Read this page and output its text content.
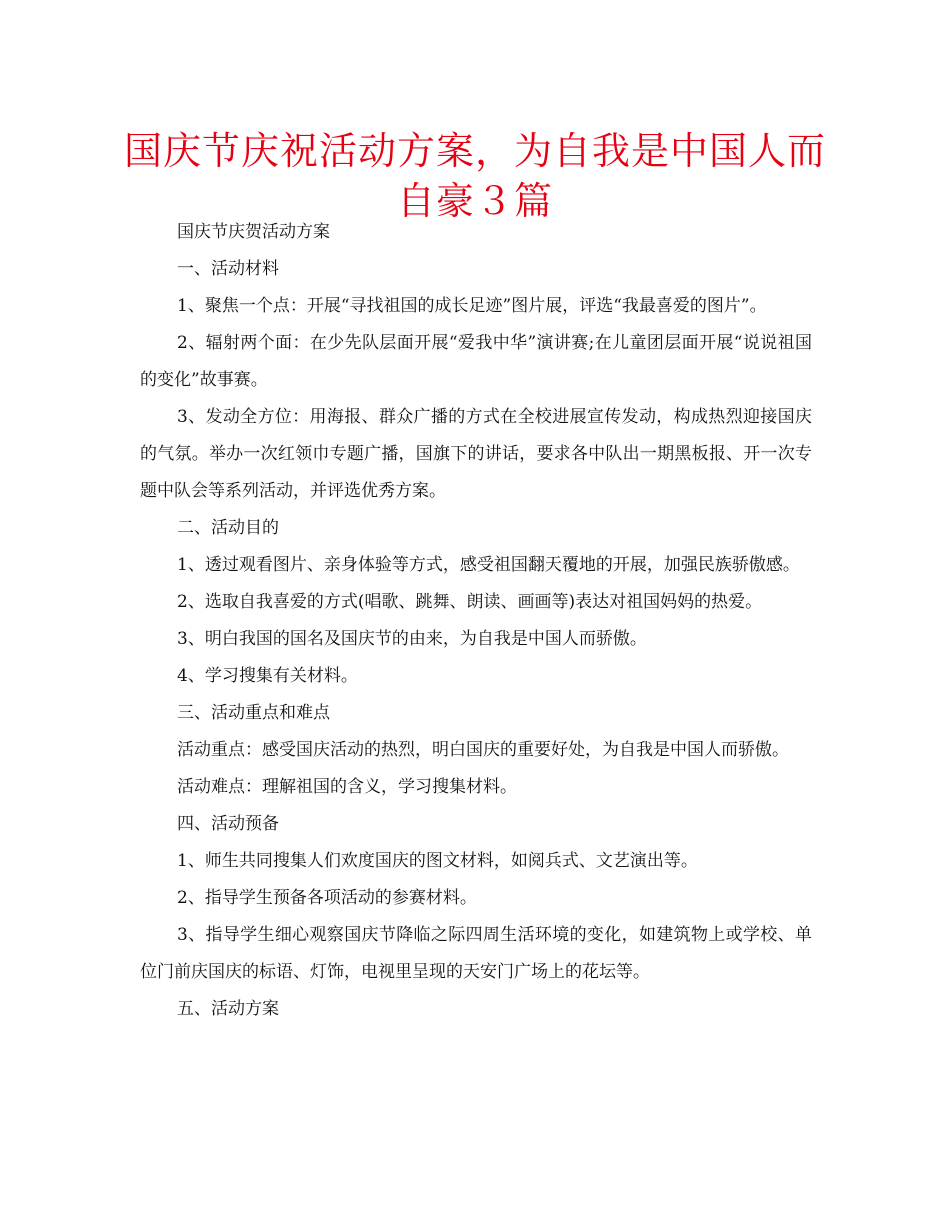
国庆节庆祝活动方案，为自我是中国人而
自豪３篇

国庆节庆贺活动方案

一、活动材料

1、聚焦一个点：开展“寻找祖国的成长足迹”图片展，评选“我最喜爱的图片”。

2、辐射两个面：在少先队层面开展“爱我中华”演讲赛;在儿童团层面开展“说说祖国的变化”故事赛。

3、发动全方位：用海报、群众广播的方式在全校进展宣传发动，构成热烈迎接国庆的气氛。举办一次红领巾专题广播，国旗下的讲话，要求各中队出一期黑板报、开一次专题中队会等系列活动，并评选优秀方案。

二、活动目的

1、透过观看图片、亲身体验等方式，感受祖国翻天覆地的开展，加强民族骄傲感。

2、选取自我喜爱的方式(唱歌、跳舞、朗读、画画等)表达对祖国妈妈的热爱。

3、明白我国的国名及国庆节的由来，为自我是中国人而骄傲。

4、学习搜集有关材料。

三、活动重点和难点

活动重点：感受国庆活动的热烈，明白国庆的重要好处，为自我是中国人而骄傲。

活动难点：理解祖国的含义，学习搜集材料。

四、活动预备

1、师生共同搜集人们欢度国庆的图文材料，如阅兵式、文艺演出等。

2、指导学生预备各项活动的参赛材料。

3、指导学生细心观察国庆节降临之际四周生活环境的变化，如建筑物上或学校、单位门前庆国庆的标语、灯饰，电视里呈现的天安门广场上的花坛等。

五、活动方案
